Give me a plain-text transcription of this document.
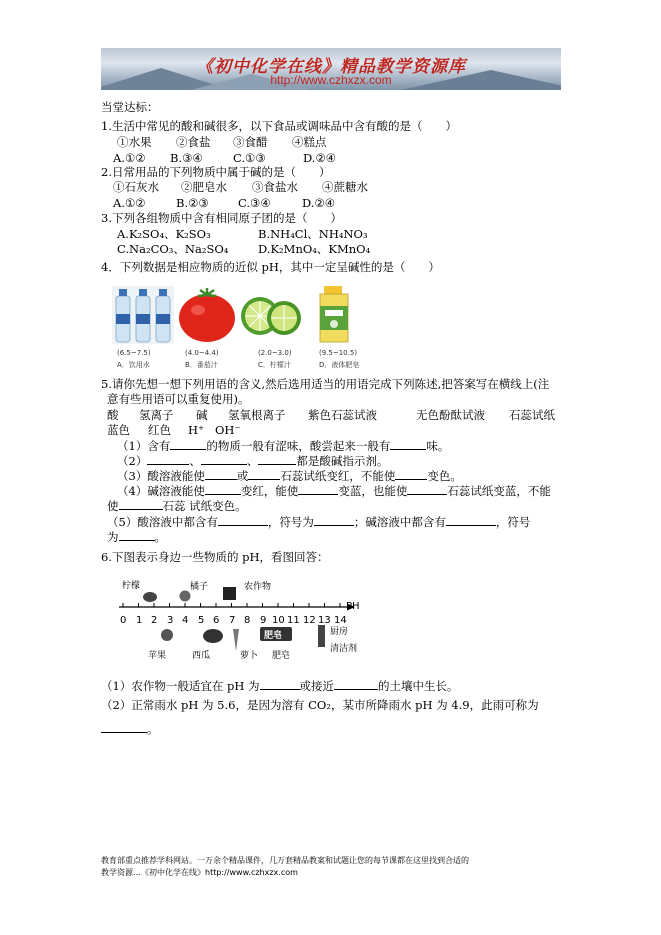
《初中化学在线》精品教学资源库
http://www.czhxzx.com
当堂达标：
1.生活中常见的酸和碱很多，以下食品或调味品中含有酸的是（　　）
①水果 ②食盐 ③食醋 ④糕点
A.①② B.③④	C.①③	D.②④
2.日常用品的下列物质中属于碱的是（　　）
①石灰水 ②肥皂水 ③食盐水 ④蔗糖水
A.①②	B.②③	C.③④	D.②④
3.下列各组物质中含有相同原子团的是（　　）
A.K₂SO₄、K₂SO₃	B.NH₄Cl、NH₄NO₃
C.Na₂CO₃、Na₂SO₄	D.K₂MnO₄、KMnO₄
4．下列数据是相应物质的近似 pH，其中一定呈碱性的是（　　）
(6.5~7.5)	(4.0~4.4)	(2.0~3.0)	(9.5~10.5)
A．饮用水	B．番茄汁	C．柠檬汁	D．液体肥皂
5.请你先想一想下列用语的含义,然后选用适当的用语完成下列陈述,把答案写在横线上(注
意有些用语可以重复使用)。
酸 氢离子 碱 氢氧根离子 紫色石蕊试液	无色酚酞试液 石蕊试纸
蓝色 红色 H⁺ OH⁻
（1）含有	的物质一般有涩味，酸尝起来一般有	味。
（2）	、	、	都是酸碱指示剂。
（3）酸溶液能使	或	石蕊试纸变红，不能使	变色。
（4）碱溶液能使	变红，能使	变蓝，也能使	石蕊试纸变蓝，不能
使	石蕊 试纸变色。
（5）酸溶液中都含有	，符号为	；碱溶液中都含有	，符号
为	。
6.下图表示身边一些物质的 pH，看图回答：
柠檬	橘子	农作物
PH
0 1 2 3 4 5 6 7 8 9 10 11 12 13 14
苹果	西瓜	萝卜 肥皂
厨房
清洁剂
肥皂
（1）农作物一般适宜在 pH 为	或接近	的土壤中生长。
（2）正常雨水 pH 为 5.6，是因为溶有 CO₂，某市所降雨水 pH 为 4.9，此雨可称为
。
教育部重点推荐学科网站。一万余个精品课件，几万套精品教案和试题让您的每节课都在这里找到合适的
教学资源…《初中化学在线》http://www.czhxzx.com
